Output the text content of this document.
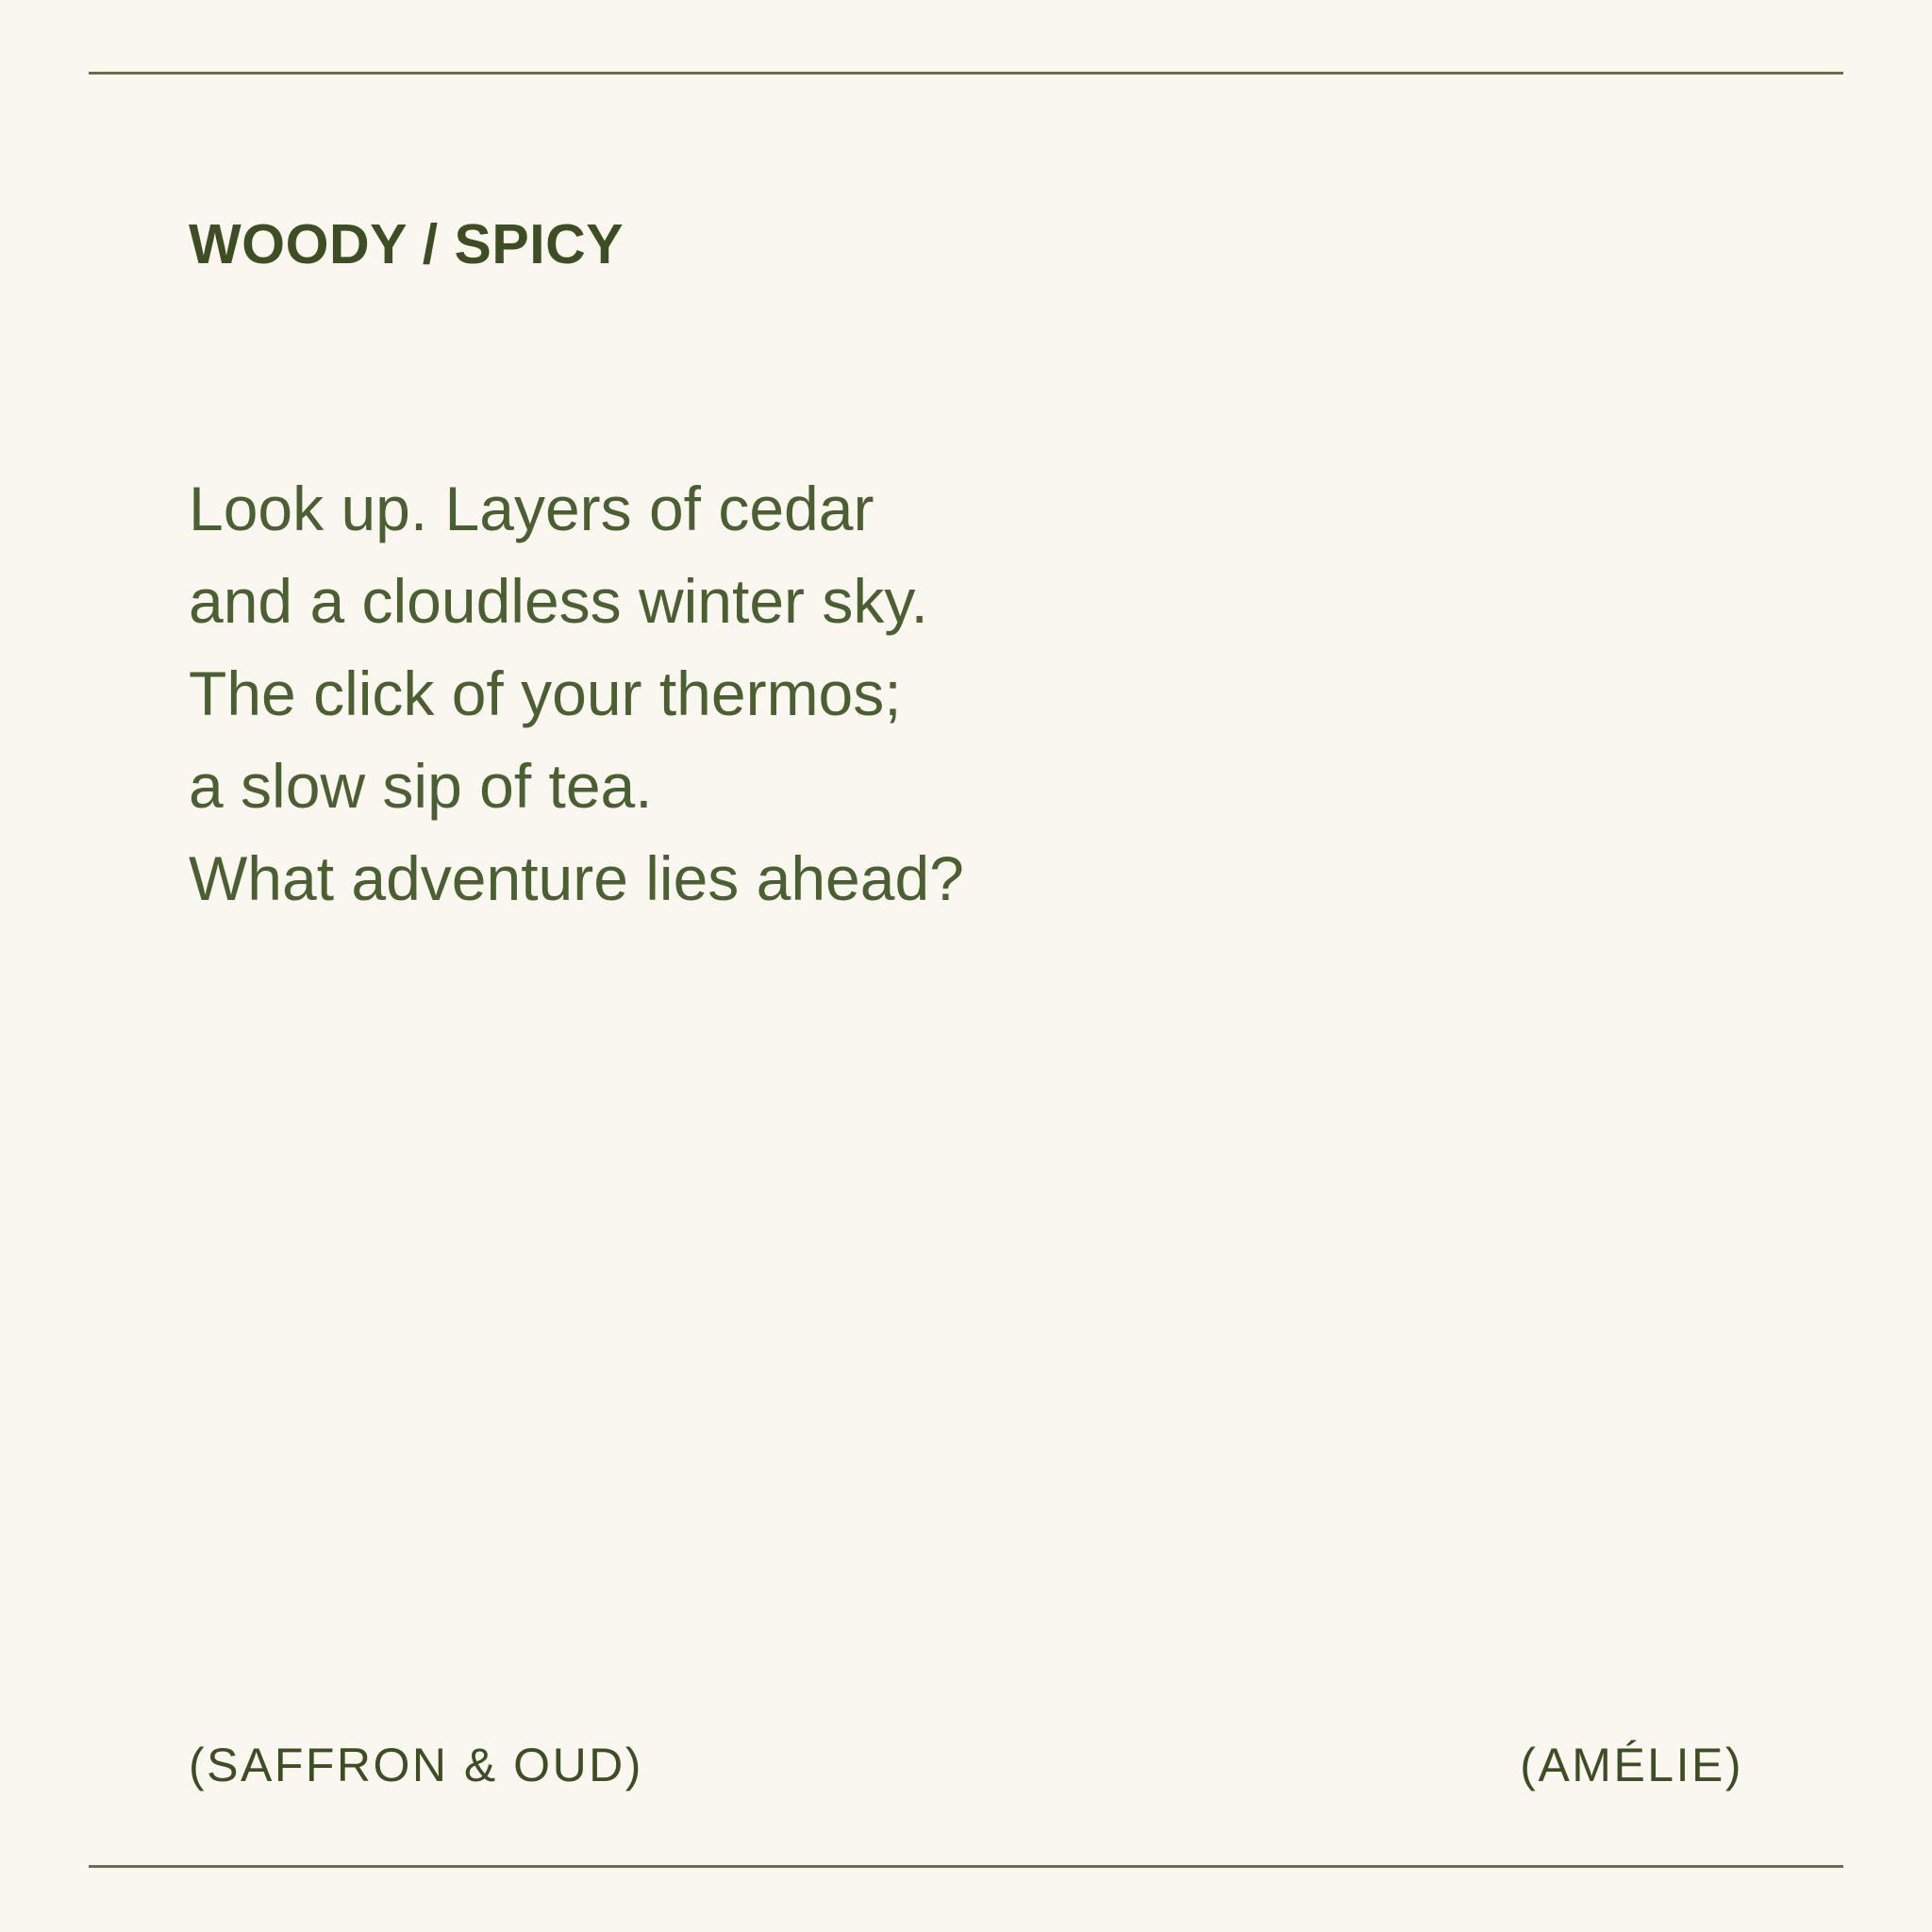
WOODY / SPICY
Look up. Layers of cedar
and a cloudless winter sky.
The click of your thermos;
a slow sip of tea.
What adventure lies ahead?
(SAFFRON & OUD)	(AMÉLIE)
